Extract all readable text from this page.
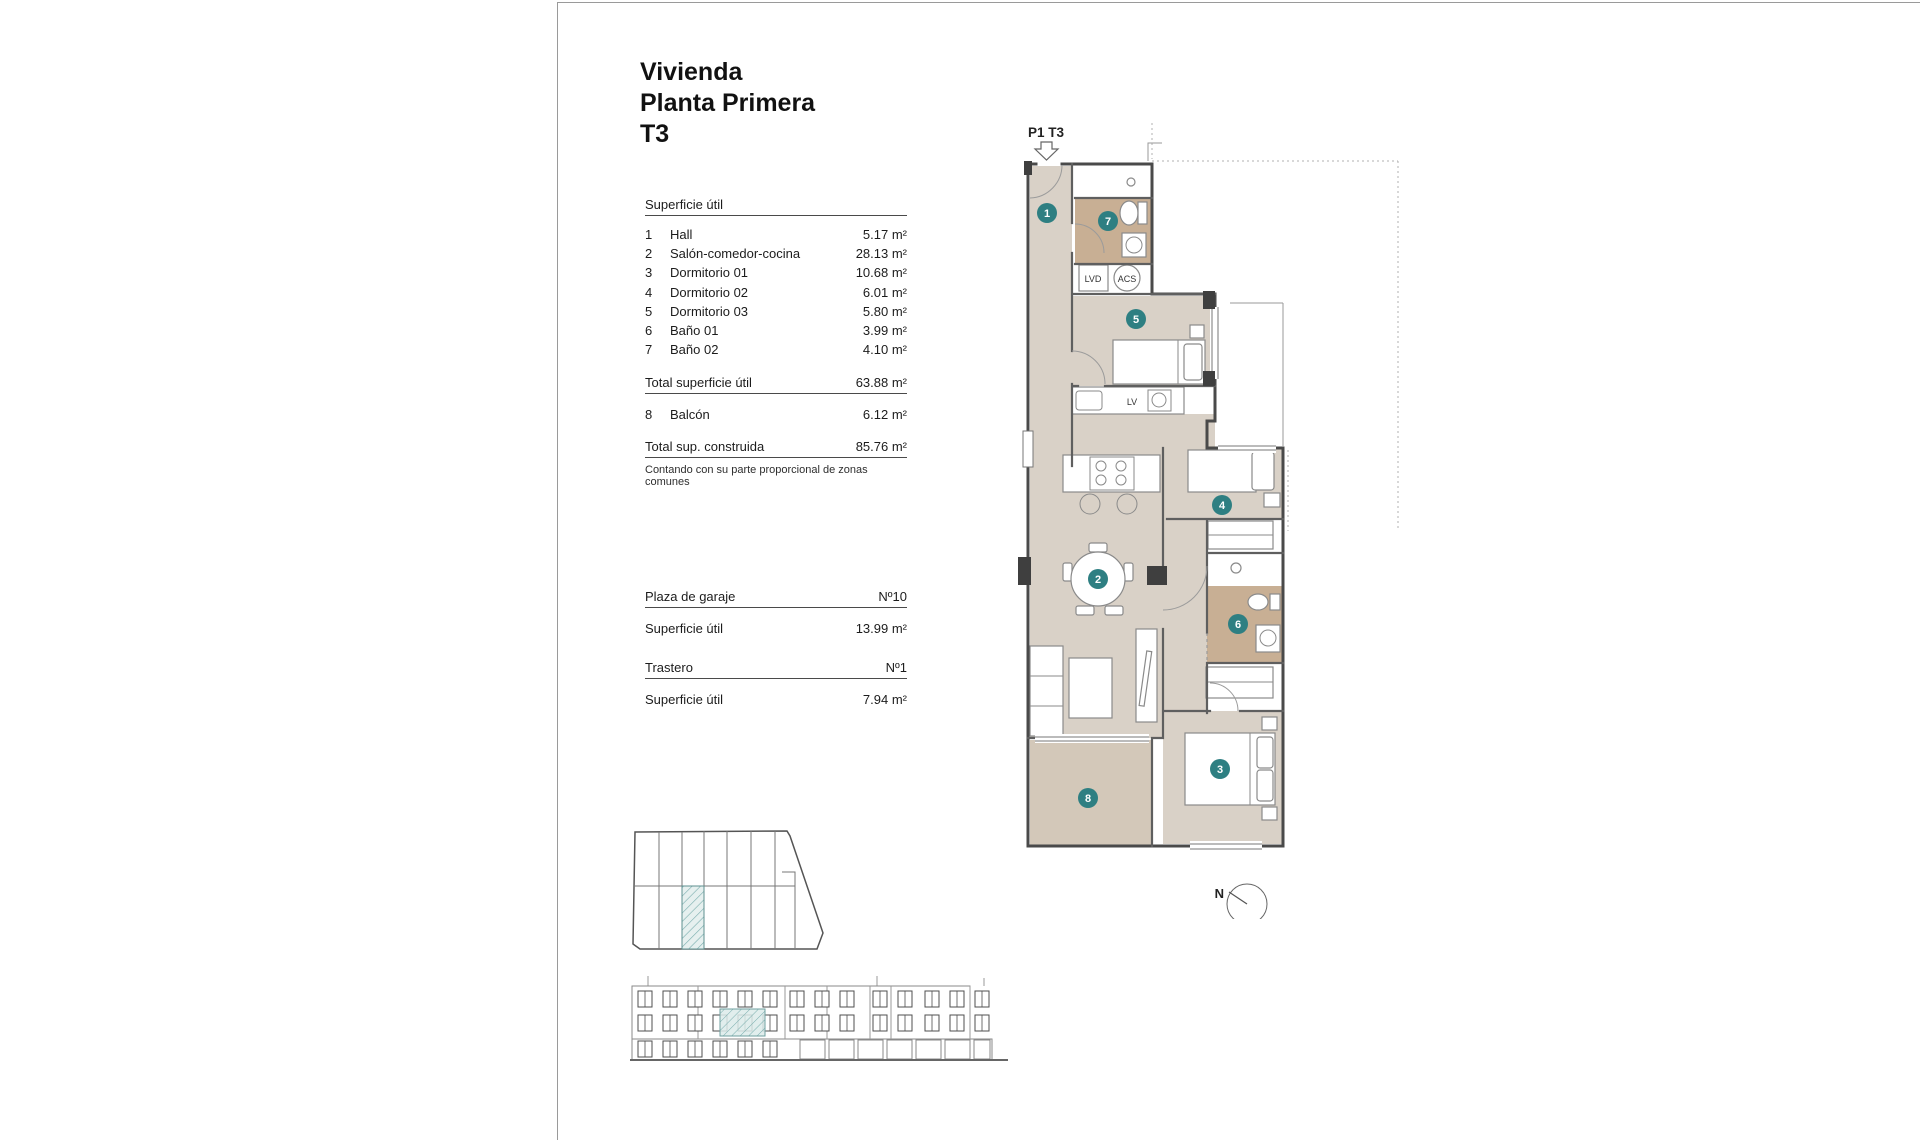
Vivienda
Planta Primera
T3
Superficie útil
1	Hall	5.17 m²
2	Salón-comedor-cocina	28.13 m²
3	Dormitorio 01	10.68 m²
4	Dormitorio 02	6.01 m²
5	Dormitorio 03	5.80 m²
6	Baño 01	3.99 m²
7	Baño 02	4.10 m²
Total superficie útil	63.88 m²
8	Balcón	6.12 m²
Total sup. construida	85.76 m²
Contando con su parte proporcional de zonas comunes
Plaza de garaje	Nº10
Superficie útil	13.99 m²
Trastero	Nº1
Superficie útil	7.94 m²
P1 T3
LVD ACS
LV
1
7
5
2
4
6
3
8
N
